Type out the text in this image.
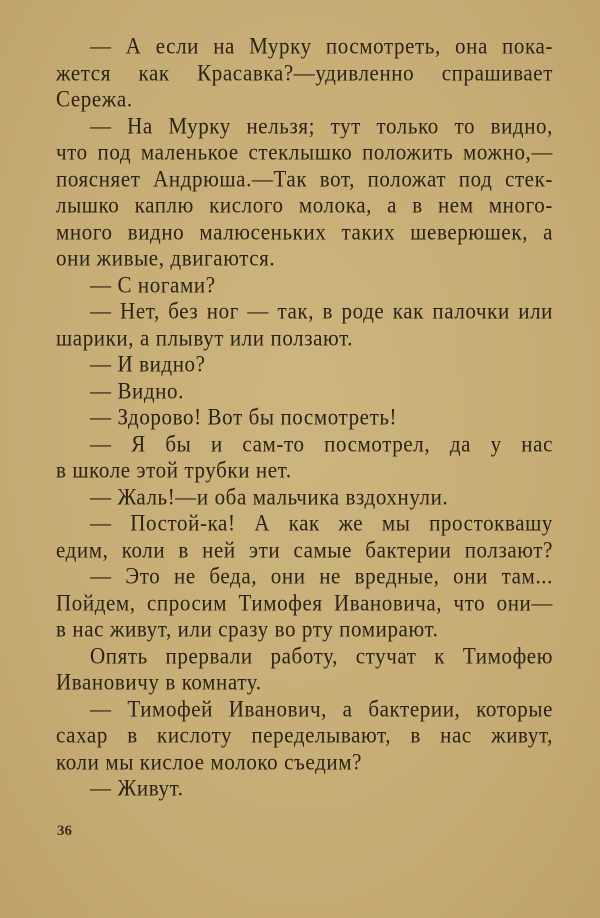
— А если на Мурку посмотреть, она пока-
жется как Красавка?—удивленно спрашивает
Сережа.
— На Мурку нельзя; тут только то видно,
что под маленькое стеклышко положить можно,—
поясняет Андрюша.—Так вот, положат под стек-
лышко каплю кислого молока, а в нем много-
много видно малюсеньких таких шеверюшек, а
они живые, двигаются.
— С ногами?
— Нет, без ног — так, в роде как палочки или
шарики, а плывут или ползают.
— И видно?
— Видно.
— Здорово! Вот бы посмотреть!
— Я бы и сам-то посмотрел, да у нас
в школе этой трубки нет.
— Жаль!—и оба мальчика вздохнули.
— Постой-ка! А как же мы простоквашу
едим, коли в ней эти самые бактерии ползают?
— Это не беда, они не вредные, они там...
Пойдем, спросим Тимофея Ивановича, что они—
в нас живут, или сразу во рту помирают.
Опять прервали работу, стучат к Тимофею
Ивановичу в комнату.
— Тимофей Иванович, а бактерии, которые
сахар в кислоту переделывают, в нас живут,
коли мы кислое молоко съедим?
— Живут.
36
